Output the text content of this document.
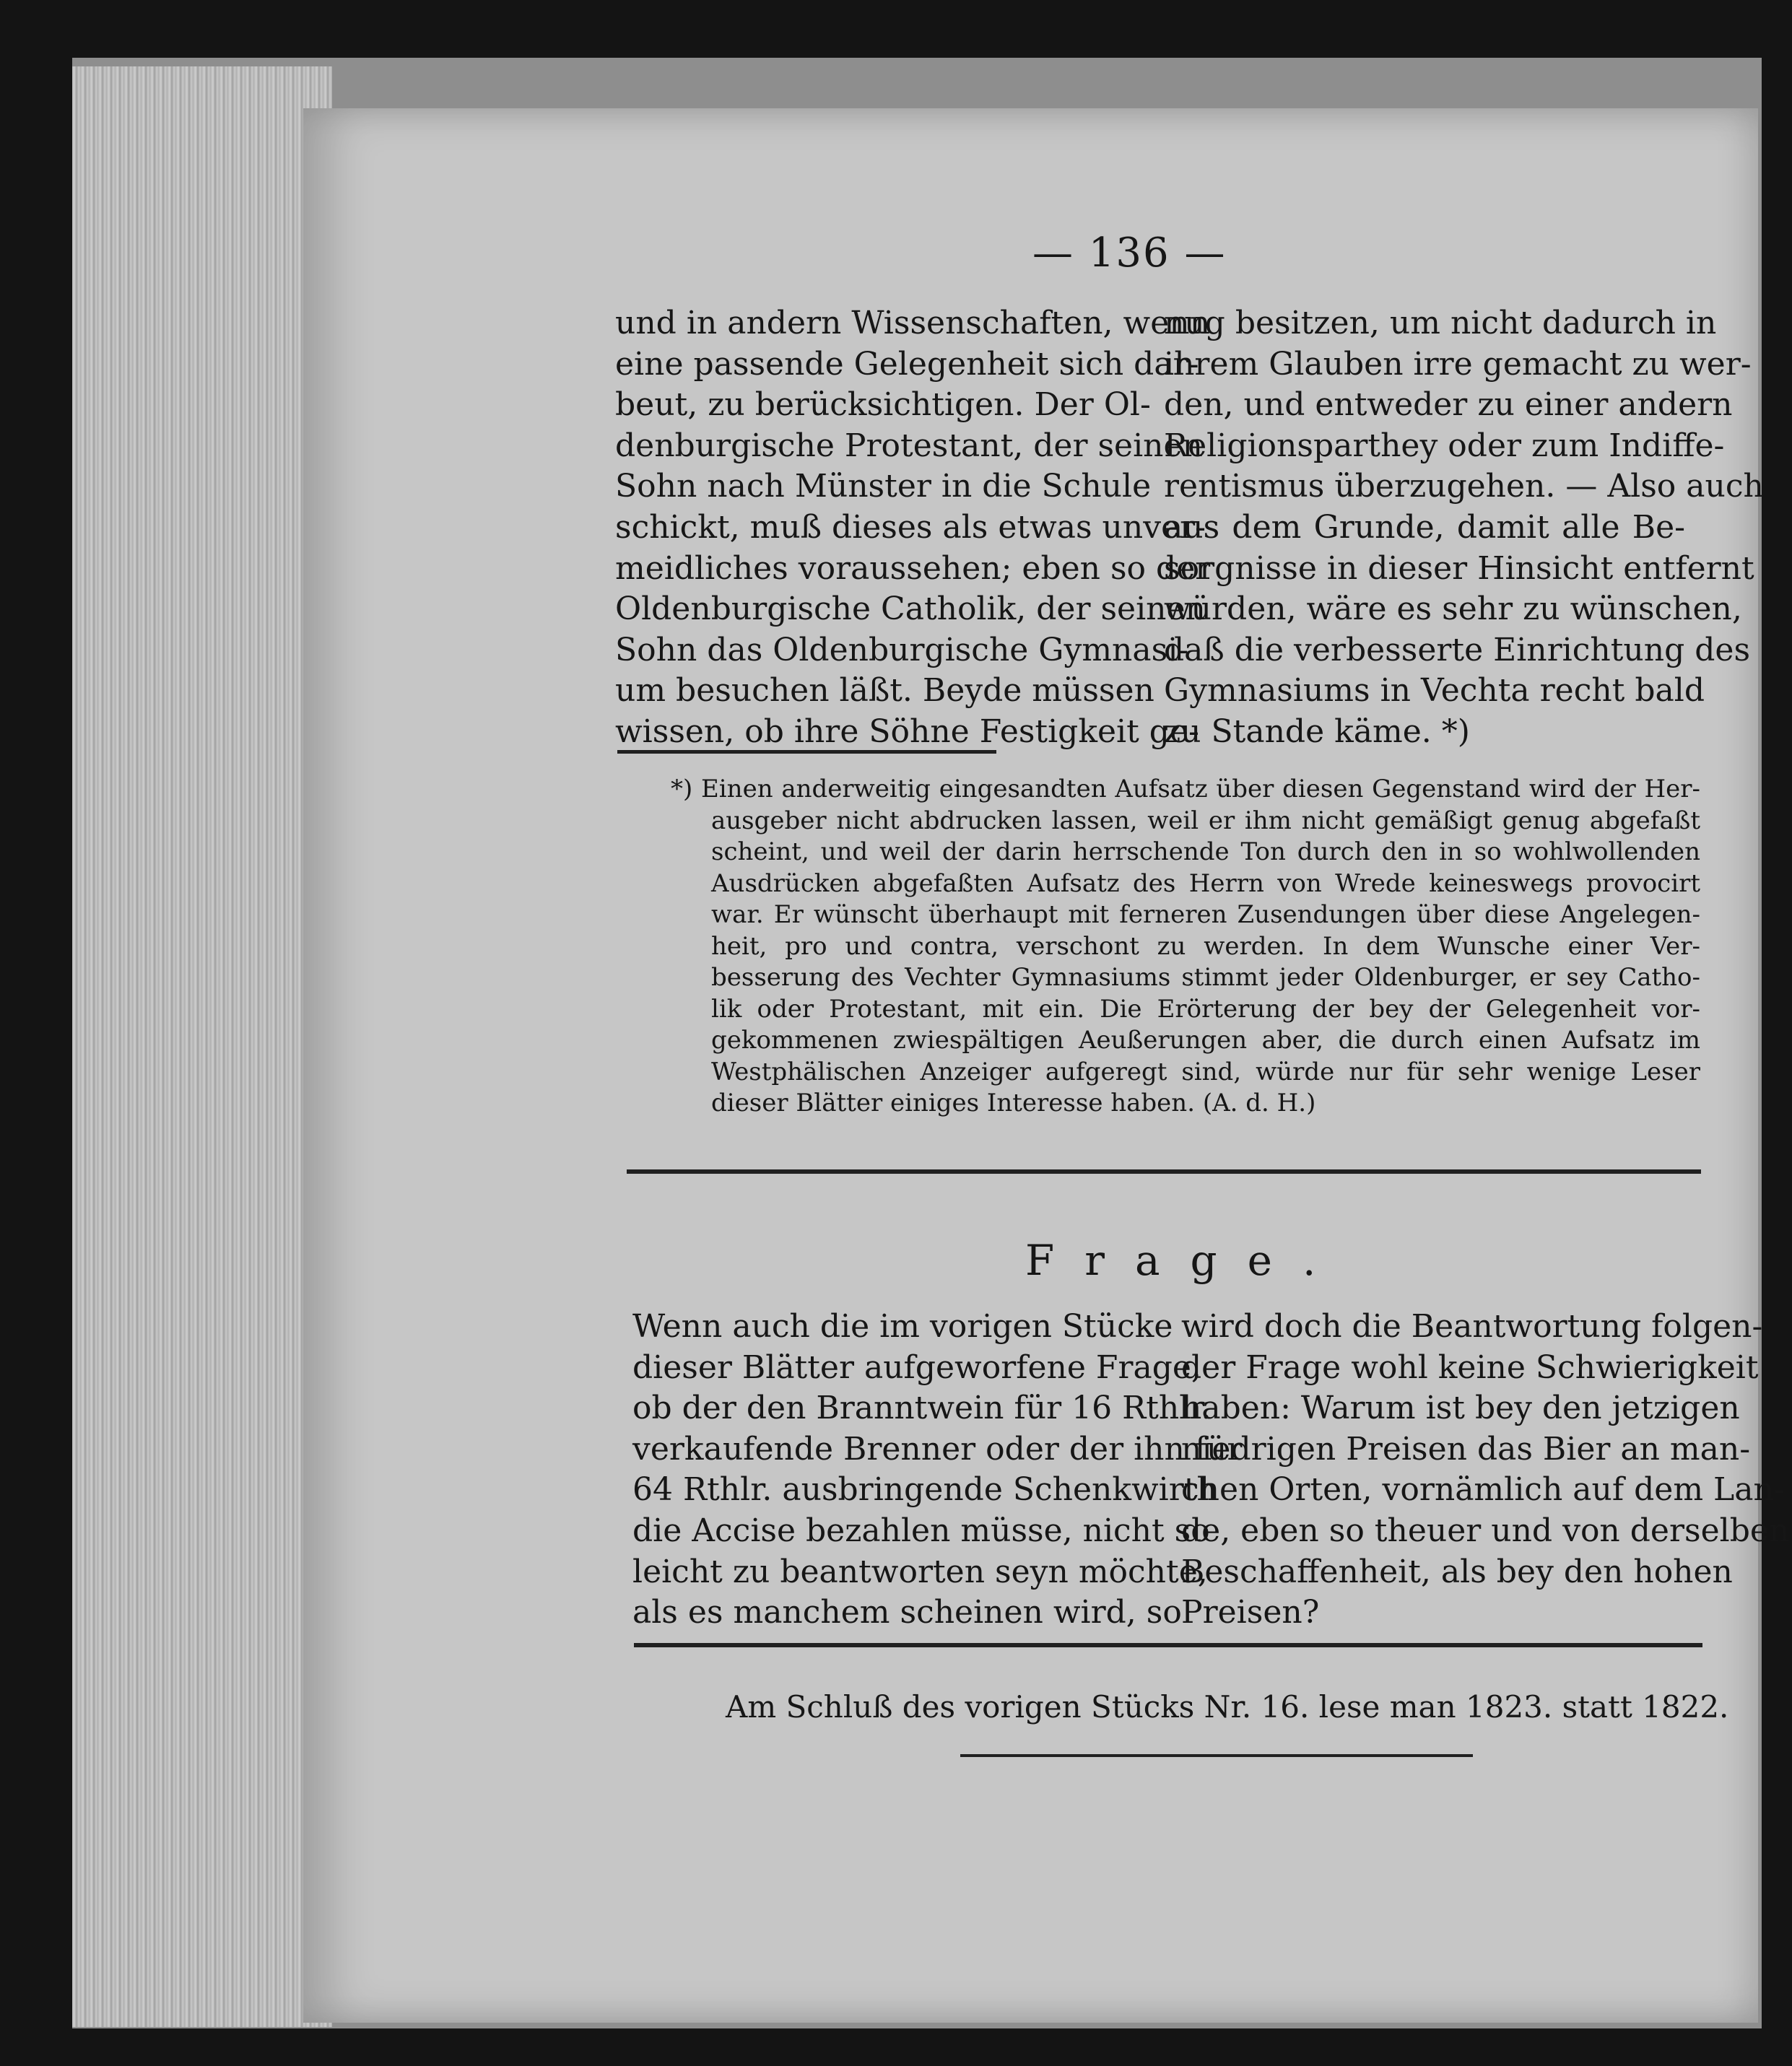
— 136 —
und in andern Wissenschaften, wenn
eine passende Gelegenheit sich dar-
beut, zu berücksichtigen. Der Ol-
denburgische Protestant, der seinen
Sohn nach Münster in die Schule
schickt, muß dieses als etwas unver-
meidliches voraussehen; eben so der
Oldenburgische Catholik, der seinen
Sohn das Oldenburgische Gymnasi-
um besuchen läßt. Beyde müssen
wissen, ob ihre Söhne Festigkeit ge-
nug besitzen, um nicht dadurch in
ihrem Glauben irre gemacht zu wer-
den, und entweder zu einer andern
Religionsparthey oder zum Indiffe-
rentismus überzugehen. — Also auch
aus dem Grunde, damit alle Be-
sorgnisse in dieser Hinsicht entfernt
würden, wäre es sehr zu wünschen,
daß die verbesserte Einrichtung des
Gymnasiums in Vechta recht bald
zu Stande käme. *)
*) Einen anderweitig eingesandten Aufsatz über diesen Gegenstand wird der Her-
ausgeber nicht abdrucken lassen, weil er ihm nicht gemäßigt genug abgefaßt
scheint, und weil der darin herrschende Ton durch den in so wohlwollenden
Ausdrücken abgefaßten Aufsatz des Herrn von Wrede keineswegs provocirt
war. Er wünscht überhaupt mit ferneren Zusendungen über diese Angelegen-
heit, pro und contra, verschont zu werden. In dem Wunsche einer Ver-
besserung des Vechter Gymnasiums stimmt jeder Oldenburger, er sey Catho-
lik oder Protestant, mit ein. Die Erörterung der bey der Gelegenheit vor-
gekommenen zwiespältigen Aeußerungen aber, die durch einen Aufsatz im
Westphälischen Anzeiger aufgeregt sind, würde nur für sehr wenige Leser
dieser Blätter einiges Interesse haben. (A. d. H.)
Frage.
Wenn auch die im vorigen Stücke
dieser Blätter aufgeworfene Frage,
ob der den Branntwein für 16 Rthlr.
verkaufende Brenner oder der ihn für
64 Rthlr. ausbringende Schenkwirth
die Accise bezahlen müsse, nicht so
leicht zu beantworten seyn möchte,
als es manchem scheinen wird, so
wird doch die Beantwortung folgen-
der Frage wohl keine Schwierigkeit
haben: Warum ist bey den jetzigen
niedrigen Preisen das Bier an man-
chen Orten, vornämlich auf dem Lan-
de, eben so theuer und von derselben
Beschaffenheit, als bey den hohen
Preisen?
Am Schluß des vorigen Stücks Nr. 16. lese man 1823. statt 1822.
